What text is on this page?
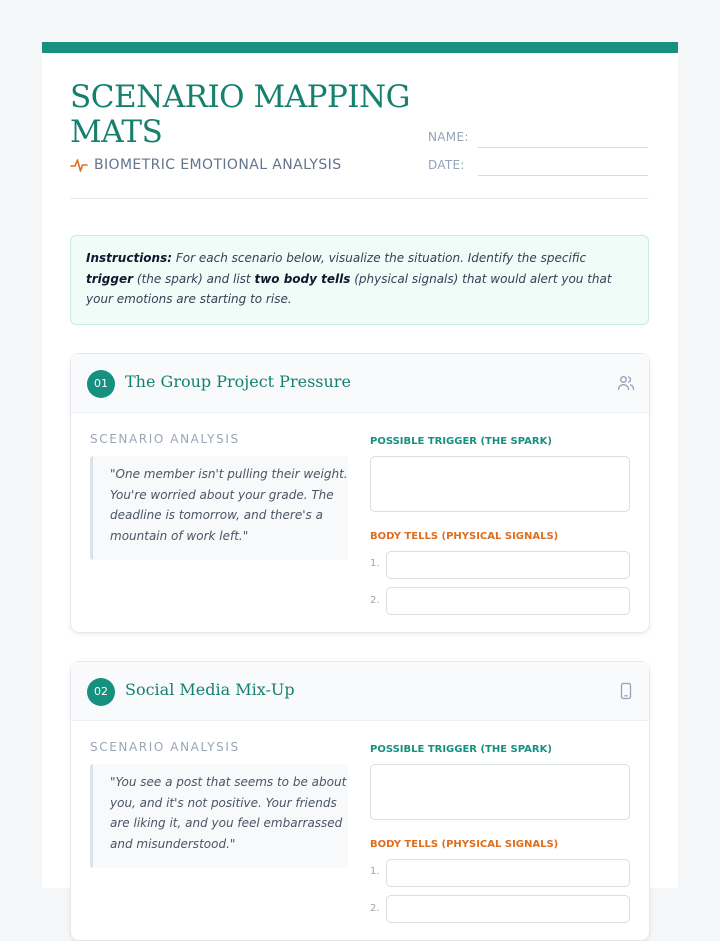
SCENARIO MAPPING MATS
BIOMETRIC EMOTIONAL ANALYSIS
NAME:
DATE:
Instructions: For each scenario below, visualize the situation. Identify the specific trigger (the spark) and list two body tells (physical signals) that would alert you that your emotions are starting to rise.
01	The Group Project Pressure
SCENARIO ANALYSIS
"One member isn't pulling their weight. You're worried about your grade. The deadline is tomorrow, and there's a mountain of work left."
POSSIBLE TRIGGER (THE SPARK)
BODY TELLS (PHYSICAL SIGNALS)
1.
2.
02	Social Media Mix-Up
SCENARIO ANALYSIS
"You see a post that seems to be about you, and it's not positive. Your friends are liking it, and you feel embarrassed and misunderstood."
POSSIBLE TRIGGER (THE SPARK)
BODY TELLS (PHYSICAL SIGNALS)
1.
2.
